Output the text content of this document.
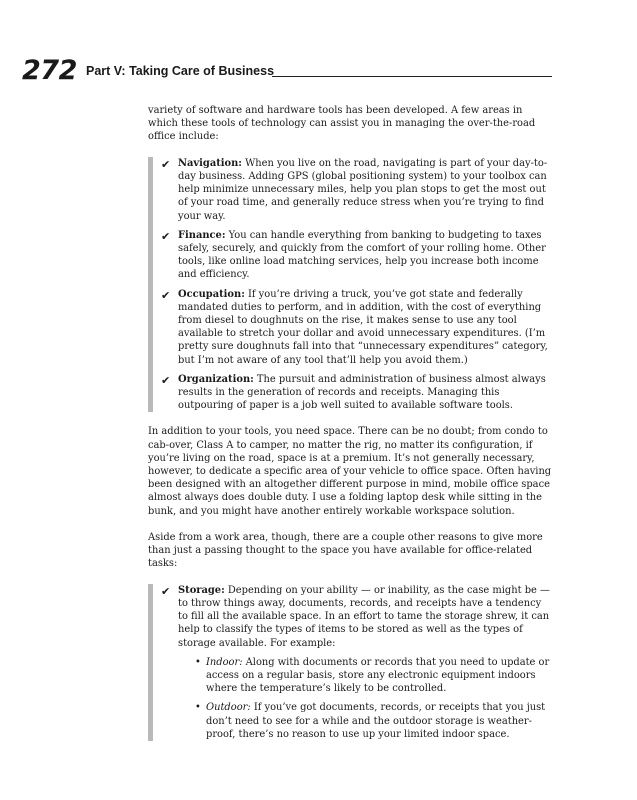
272 Part V: Taking Care of Business

variety of software and hardware tools has been developed. A few areas in which these tools of technology can assist you in managing the over-the-road office include:

✔ Navigation: When you live on the road, navigating is part of your day-to-day business. Adding GPS (global positioning system) to your toolbox can help minimize unnecessary miles, help you plan stops to get the most out of your road time, and generally reduce stress when you’re trying to find your way.
✔ Finance: You can handle everything from banking to budgeting to taxes safely, securely, and quickly from the comfort of your rolling home. Other tools, like online load matching services, help you increase both income and efficiency.
✔ Occupation: If you’re driving a truck, you’ve got state and federally mandated duties to perform, and in addition, with the cost of everything from diesel to doughnuts on the rise, it makes sense to use any tool available to stretch your dollar and avoid unnecessary expenditures. (I’m pretty sure doughnuts fall into that “unnecessary expenditures” category, but I’m not aware of any tool that’ll help you avoid them.)
✔ Organization: The pursuit and administration of business almost always results in the generation of records and receipts. Managing this outpouring of paper is a job well suited to available software tools.

In addition to your tools, you need space. There can be no doubt; from condo to cab-over, Class A to camper, no matter the rig, no matter its configuration, if you’re living on the road, space is at a premium. It’s not generally necessary, however, to dedicate a specific area of your vehicle to office space. Often having been designed with an altogether different purpose in mind, mobile office space almost always does double duty. I use a folding laptop desk while sitting in the bunk, and you might have another entirely workable workspace solution.

Aside from a work area, though, there are a couple other reasons to give more than just a passing thought to the space you have available for office-related tasks:

✔ Storage: Depending on your ability — or inability, as the case might be — to throw things away, documents, records, and receipts have a tendency to fill all the available space. In an effort to tame the storage shrew, it can help to classify the types of items to be stored as well as the types of storage available. For example:
• Indoor: Along with documents or records that you need to update or access on a regular basis, store any electronic equipment indoors where the temperature’s likely to be controlled.
• Outdoor: If you’ve got documents, records, or receipts that you just don’t need to see for a while and the outdoor storage is weather-proof, there’s no reason to use up your limited indoor space.
